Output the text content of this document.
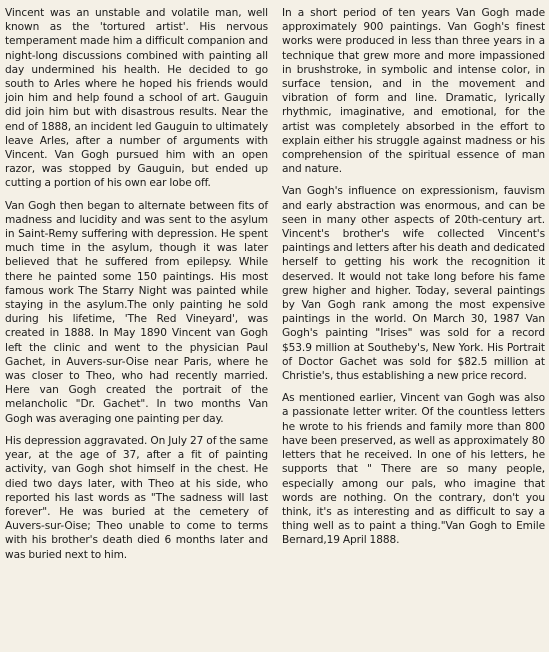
Vincent was an unstable and volatile man, well known as the 'tortured artist'. His nervous temperament made him a difficult companion and night-long discussions combined with painting all day undermined his health. He decided to go south to Arles where he hoped his friends would join him and help found a school of art. Gauguin did join him but with disastrous results. Near the end of 1888, an incident led Gauguin to ultimately leave Arles, after a number of arguments with Vincent. Van Gogh pursued him with an open razor, was stopped by Gauguin, but ended up cutting a portion of his own ear lobe off.

Van Gogh then began to alternate between fits of madness and lucidity and was sent to the asylum in Saint-Remy suffering with depression. He spent much time in the asylum, though it was later believed that he suffered from epilepsy. While there he painted some 150 paintings. His most famous work The Starry Night was painted while staying in the asylum.The only painting he sold during his lifetime, 'The Red Vineyard', was created in 1888. In May 1890 Vincent van Gogh left the clinic and went to the physician Paul Gachet, in Auvers-sur-Oise near Paris, where he was closer to Theo, who had recently married. Here van Gogh created the portrait of the melancholic "Dr. Gachet". In two months Van Gogh was averaging one painting per day.

His depression aggravated. On July 27 of the same year, at the age of 37, after a fit of painting activity, van Gogh shot himself in the chest. He died two days later, with Theo at his side, who reported his last words as "The sadness will last forever". He was buried at the cemetery of Auvers-sur-Oise; Theo unable to come to terms with his brother's death died 6 months later and was buried next to him.

In a short period of ten years Van Gogh made approximately 900 paintings. Van Gogh's finest works were produced in less than three years in a technique that grew more and more impassioned in brushstroke, in symbolic and intense color, in surface tension, and in the movement and vibration of form and line. Dramatic, lyrically rhythmic, imaginative, and emotional, for the artist was completely absorbed in the effort to explain either his struggle against madness or his comprehension of the spiritual essence of man and nature.

Van Gogh's influence on expressionism, fauvism and early abstraction was enormous, and can be seen in many other aspects of 20th-century art. Vincent's brother's wife collected Vincent's paintings and letters after his death and dedicated herself to getting his work the recognition it deserved. It would not take long before his fame grew higher and higher. Today, several paintings by Van Gogh rank among the most expensive paintings in the world. On March 30, 1987 Van Gogh's painting "Irises" was sold for a record $53.9 million at Southeby's, New York. His Portrait of Doctor Gachet was sold for $82.5 million at Christie's, thus establishing a new price record.

As mentioned earlier, Vincent van Gogh was also a passionate letter writer. Of the countless letters he wrote to his friends and family more than 800 have been preserved, as well as approximately 80 letters that he received. In one of his letters, he supports that " There are so many people, especially among our pals, who imagine that words are nothing. On the contrary, don't you think, it's as interesting and as difficult to say a thing well as to paint a thing."Van Gogh to Emile Bernard,19 April 1888.
